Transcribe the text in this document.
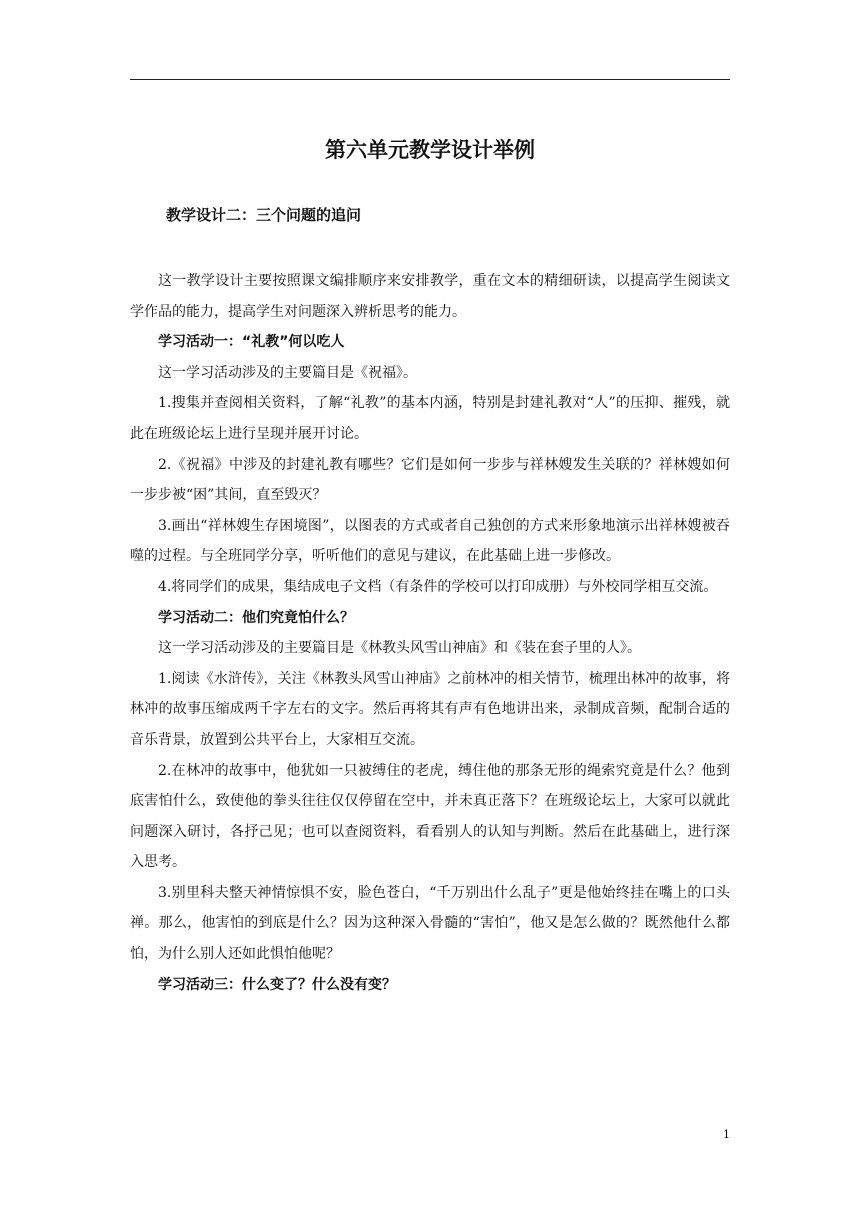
第六单元教学设计举例
教学设计二：三个问题的追问

这一教学设计主要按照课文编排顺序来安排教学，重在文本的精细研读，以提高学生阅读文学作品的能力，提高学生对问题深入辨析思考的能力。

学习活动一：“礼教”何以吃人

这一学习活动涉及的主要篇目是《祝福》。

1.搜集并查阅相关资料，了解“礼教”的基本内涵，特别是封建礼教对“人”的压抑、摧残，就此在班级论坛上进行呈现并展开讨论。

2.《祝福》中涉及的封建礼教有哪些？它们是如何一步步与祥林嫂发生关联的？祥林嫂如何一步步被“困”其间，直至毁灭？

3.画出“祥林嫂生存困境图”，以图表的方式或者自己独创的方式来形象地演示出祥林嫂被吞噬的过程。与全班同学分享，听听他们的意见与建议，在此基础上进一步修改。

4.将同学们的成果，集结成电子文档（有条件的学校可以打印成册）与外校同学相互交流。

学习活动二：他们究竟怕什么？

这一学习活动涉及的主要篇目是《林教头风雪山神庙》和《装在套子里的人》。

1.阅读《水浒传》，关注《林教头风雪山神庙》之前林冲的相关情节，梳理出林冲的故事，将林冲的故事压缩成两千字左右的文字。然后再将其有声有色地讲出来，录制成音频，配制合适的音乐背景，放置到公共平台上，大家相互交流。

2.在林冲的故事中，他犹如一只被缚住的老虎，缚住他的那条无形的绳索究竟是什么？他到底害怕什么，致使他的拳头往往仅仅停留在空中，并未真正落下？在班级论坛上，大家可以就此问题深入研讨，各抒己见；也可以查阅资料，看看别人的认知与判断。然后在此基础上，进行深入思考。

3.别里科夫整天神情惊惧不安，脸色苍白，“千万别出什么乱子”更是他始终挂在嘴上的口头禅。那么，他害怕的到底是什么？因为这种深入骨髓的“害怕”，他又是怎么做的？既然他什么都怕，为什么别人还如此惧怕他呢？

学习活动三：什么变了？什么没有变？

1
